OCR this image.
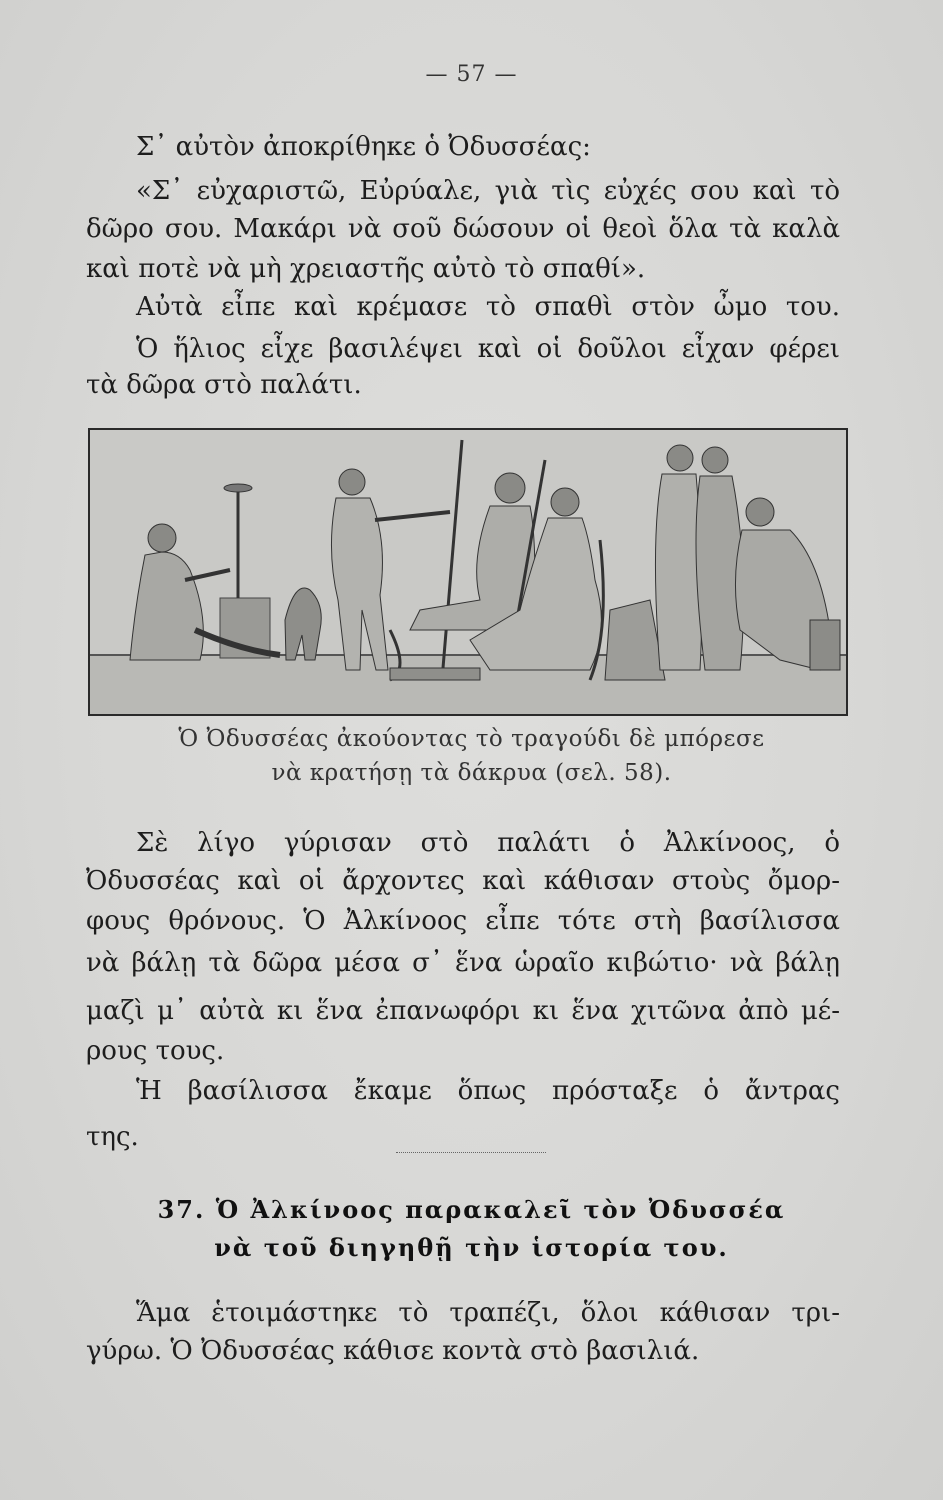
— 57 —
Σ᾿ αὐτὸν ἀποκρίθηκε ὁ Ὀδυσσέας:
«Σ᾿ εὐχαριστῶ, Εὐρύαλε, γιὰ τὶς εὐχές σου καὶ τὸ
δῶρο σου. Μακάρι νὰ σοῦ δώσουν οἱ θεοὶ ὅλα τὰ καλὰ
καὶ ποτὲ νὰ μὴ χρειαστῆς αὐτὸ τὸ σπαθί».
Αὐτὰ εἶπε καὶ κρέμασε τὸ σπαθὶ στὸν ὦμο του.
Ὁ ἥλιος εἶχε βασιλέψει καὶ οἱ δοῦλοι εἶχαν φέρει
τὰ δῶρα στὸ παλάτι.
Ὁ Ὀδυσσέας ἀκούοντας τὸ τραγούδι δὲ μπόρεσε
νὰ κρατήσῃ τὰ δάκρυα (σελ. 58).
Σὲ λίγο γύρισαν στὸ παλάτι ὁ Ἀλκίνοος, ὁ
Ὀδυσσέας καὶ οἱ ἄρχοντες καὶ κάθισαν στοὺς ὄμορ-
φους θρόνους. Ὁ Ἀλκίνοος εἶπε τότε στὴ βασίλισσα
νὰ βάλῃ τὰ δῶρα μέσα σ᾿ ἕνα ὡραῖο κιβώτιο· νὰ βάλῃ
μαζὶ μ᾿ αὐτὰ κι ἕνα ἐπανωφόρι κι ἕνα χιτῶνα ἀπὸ μέ-
ρους τους.
Ἡ βασίλισσα ἔκαμε ὅπως πρόσταξε ὁ ἄντρας
της.
37. Ὁ Ἀλκίνοος παρακαλεῖ τὸν Ὀδυσσέα
νὰ τοῦ διηγηθῇ τὴν ἱστορία του.
Ἅμα ἑτοιμάστηκε τὸ τραπέζι, ὅλοι κάθισαν τρι-
γύρω. Ὁ Ὀδυσσέας κάθισε κοντὰ στὸ βασιλιά.
